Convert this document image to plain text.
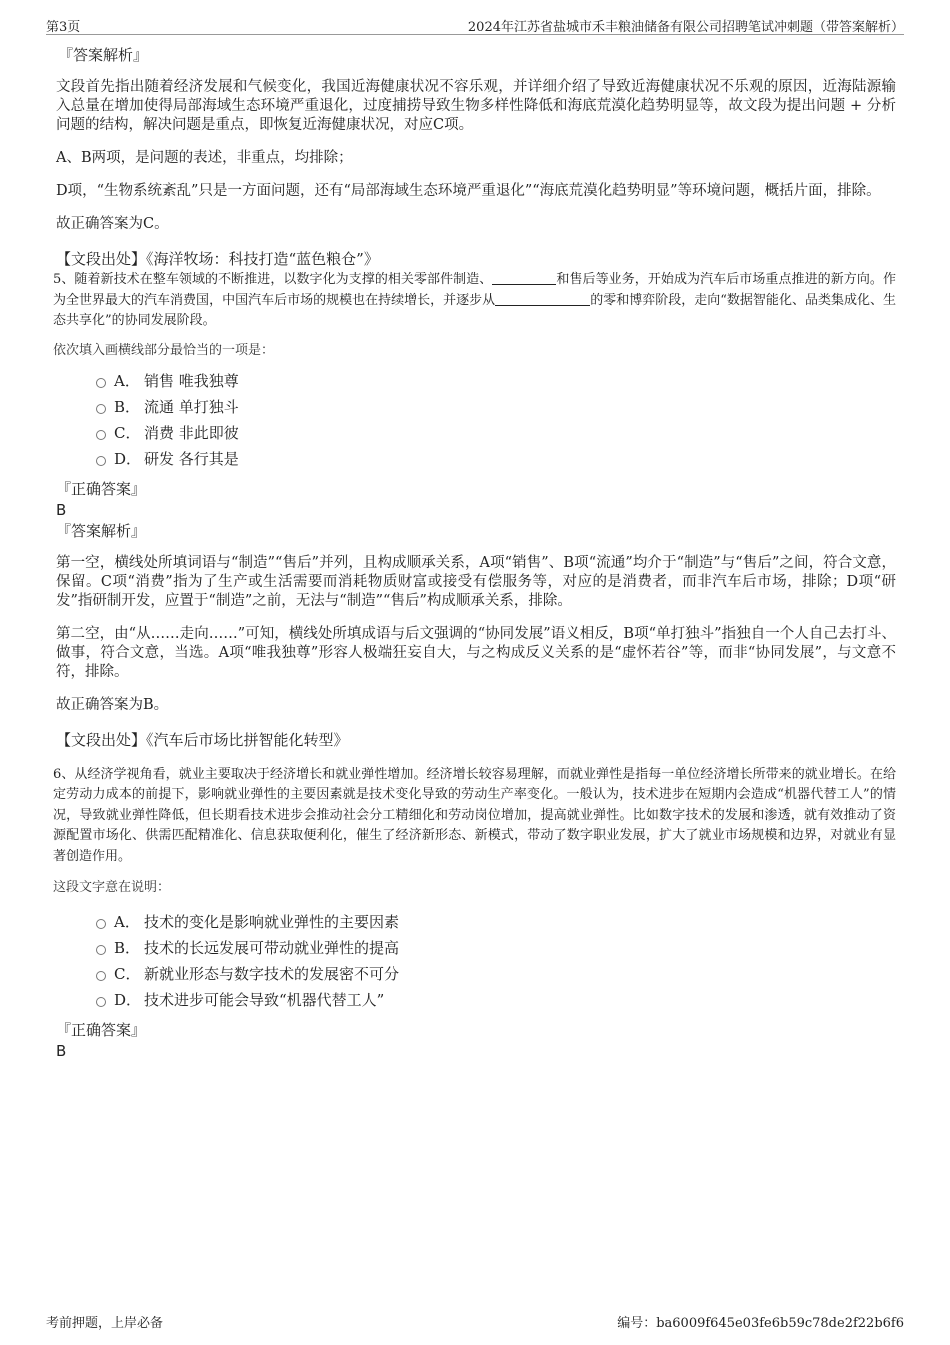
第3页	2024年江苏省盐城市禾丰粮油储备有限公司招聘笔试冲刺题（带答案解析）

『答案解析』

文段首先指出随着经济发展和气候变化，我国近海健康状况不容乐观，并详细介绍了导致近海健康状况不乐观的原因，近海陆源输入总量在增加使得局部海域生态环境严重退化，过度捕捞导致生物多样性降低和海底荒漠化趋势明显等，故文段为提出问题 + 分析问题的结构，解决问题是重点，即恢复近海健康状况，对应C项。

A、B两项，是问题的表述，非重点，均排除；

D项，“生物系统紊乱”只是一方面问题，还有“局部海域生态环境严重退化”“海底荒漠化趋势明显”等环境问题，概括片面，排除。

故正确答案为C。

【文段出处】《海洋牧场：科技打造“蓝色粮仓”》

5、随着新技术在整车领域的不断推进，以数字化为支撑的相关零部件制造、	和售后等业务，开始成为汽车后市场重点推进的新方向。作为全世界最大的汽车消费国，中国汽车后市场的规模也在持续增长，并逐步从	的零和博弈阶段，走向“数据智能化、品类集成化、生态共享化”的协同发展阶段。

依次填入画横线部分最恰当的一项是：

A． 销售 唯我独尊
B． 流通 单打独斗
C． 消费 非此即彼
D． 研发 各行其是

『正确答案』

B

『答案解析』

第一空，横线处所填词语与“制造”“售后”并列，且构成顺承关系，A项“销售”、B项“流通”均介于“制造”与“售后”之间，符合文意，保留。C项“消费”指为了生产或生活需要而消耗物质财富或接受有偿服务等，对应的是消费者，而非汽车后市场，排除；D项“研发”指研制开发，应置于“制造”之前，无法与“制造”“售后”构成顺承关系，排除。

第二空，由“从……走向……”可知，横线处所填成语与后文强调的“协同发展”语义相反，B项“单打独斗”指独自一个人自己去打斗、做事，符合文意，当选。A项“唯我独尊”形容人极端狂妄自大，与之构成反义关系的是“虚怀若谷”等，而非“协同发展”，与文意不符，排除。

故正确答案为B。

【文段出处】《汽车后市场比拼智能化转型》

6、从经济学视角看，就业主要取决于经济增长和就业弹性增加。经济增长较容易理解，而就业弹性是指每一单位经济增长所带来的就业增长。在给定劳动力成本的前提下，影响就业弹性的主要因素就是技术变化导致的劳动生产率变化。一般认为，技术进步在短期内会造成“机器代替工人”的情况，导致就业弹性降低，但长期看技术进步会推动社会分工精细化和劳动岗位增加，提高就业弹性。比如数字技术的发展和渗透，就有效推动了资源配置市场化、供需匹配精准化、信息获取便利化，催生了经济新形态、新模式，带动了数字职业发展，扩大了就业市场规模和边界，对就业有显著创造作用。

这段文字意在说明：

A． 技术的变化是影响就业弹性的主要因素
B． 技术的长远发展可带动就业弹性的提高
C． 新就业形态与数字技术的发展密不可分
D． 技术进步可能会导致“机器代替工人”

『正确答案』

B

考前押题，上岸必备	编号：ba6009f645e03fe6b59c78de2f22b6f6
